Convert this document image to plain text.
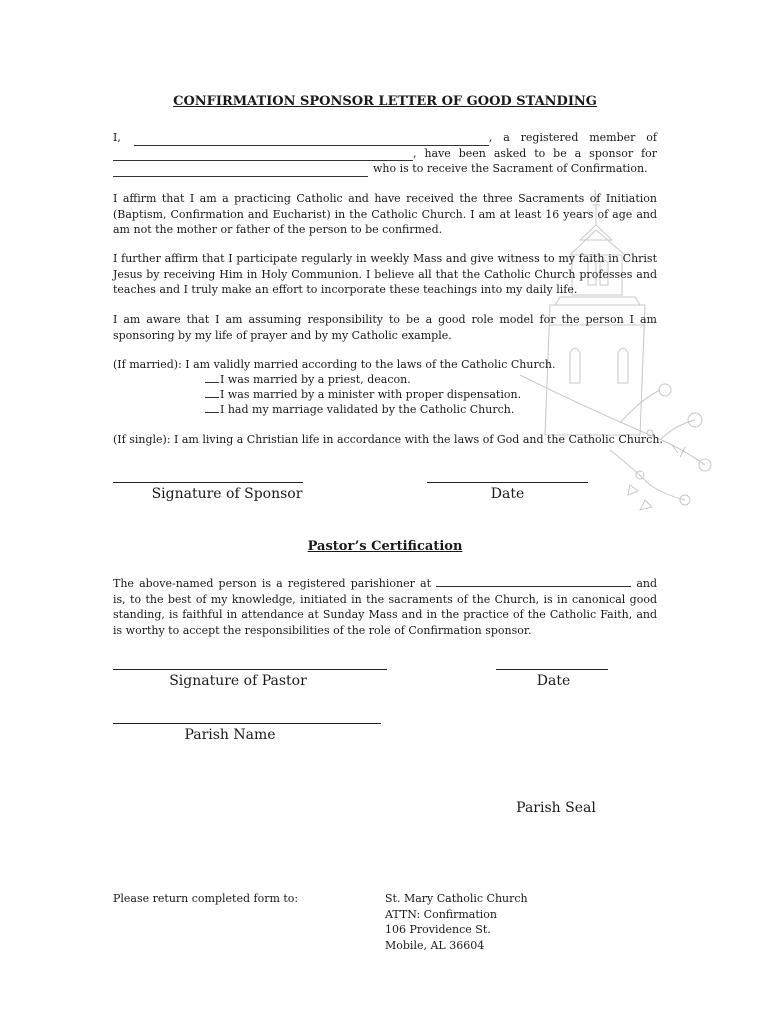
CONFIRMATION SPONSOR LETTER OF GOOD STANDING
I,	, a registered member of
, have been asked to be a sponsor for
who is to receive the Sacrament of Confirmation.
I affirm that I am a practicing Catholic and have received the three Sacraments of Initiation (Baptism, Confirmation and Eucharist) in the Catholic Church. I am at least 16 years of age and am not the mother or father of the person to be confirmed.
I further affirm that I participate regularly in weekly Mass and give witness to my faith in Christ Jesus by receiving Him in Holy Communion. I believe all that the Catholic Church professes and teaches and I truly make an effort to incorporate these teachings into my daily life.
I am aware that I am assuming responsibility to be a good role model for the person I am sponsoring by my life of prayer and by my Catholic example.
(If married): I am validly married according to the laws of the Catholic Church.
I was married by a priest, deacon.
I was married by a minister with proper dispensation.
I had my marriage validated by the Catholic Church.
(If single): I am living a Christian life in accordance with the laws of God and the Catholic Church.
Signature of Sponsor	Date
Pastor’s Certification
The above-named person is a registered parishioner at	and is, to the best of my knowledge, initiated in the sacraments of the Church, is in canonical good standing, is faithful in attendance at Sunday Mass and in the practice of the Catholic Faith, and is worthy to accept the responsibilities of the role of Confirmation sponsor.
Signature of Pastor	Date
Parish Name
Parish Seal
Please return completed form to:	St. Mary Catholic Church
ATTN: Confirmation
106 Providence St.
Mobile, AL 36604
